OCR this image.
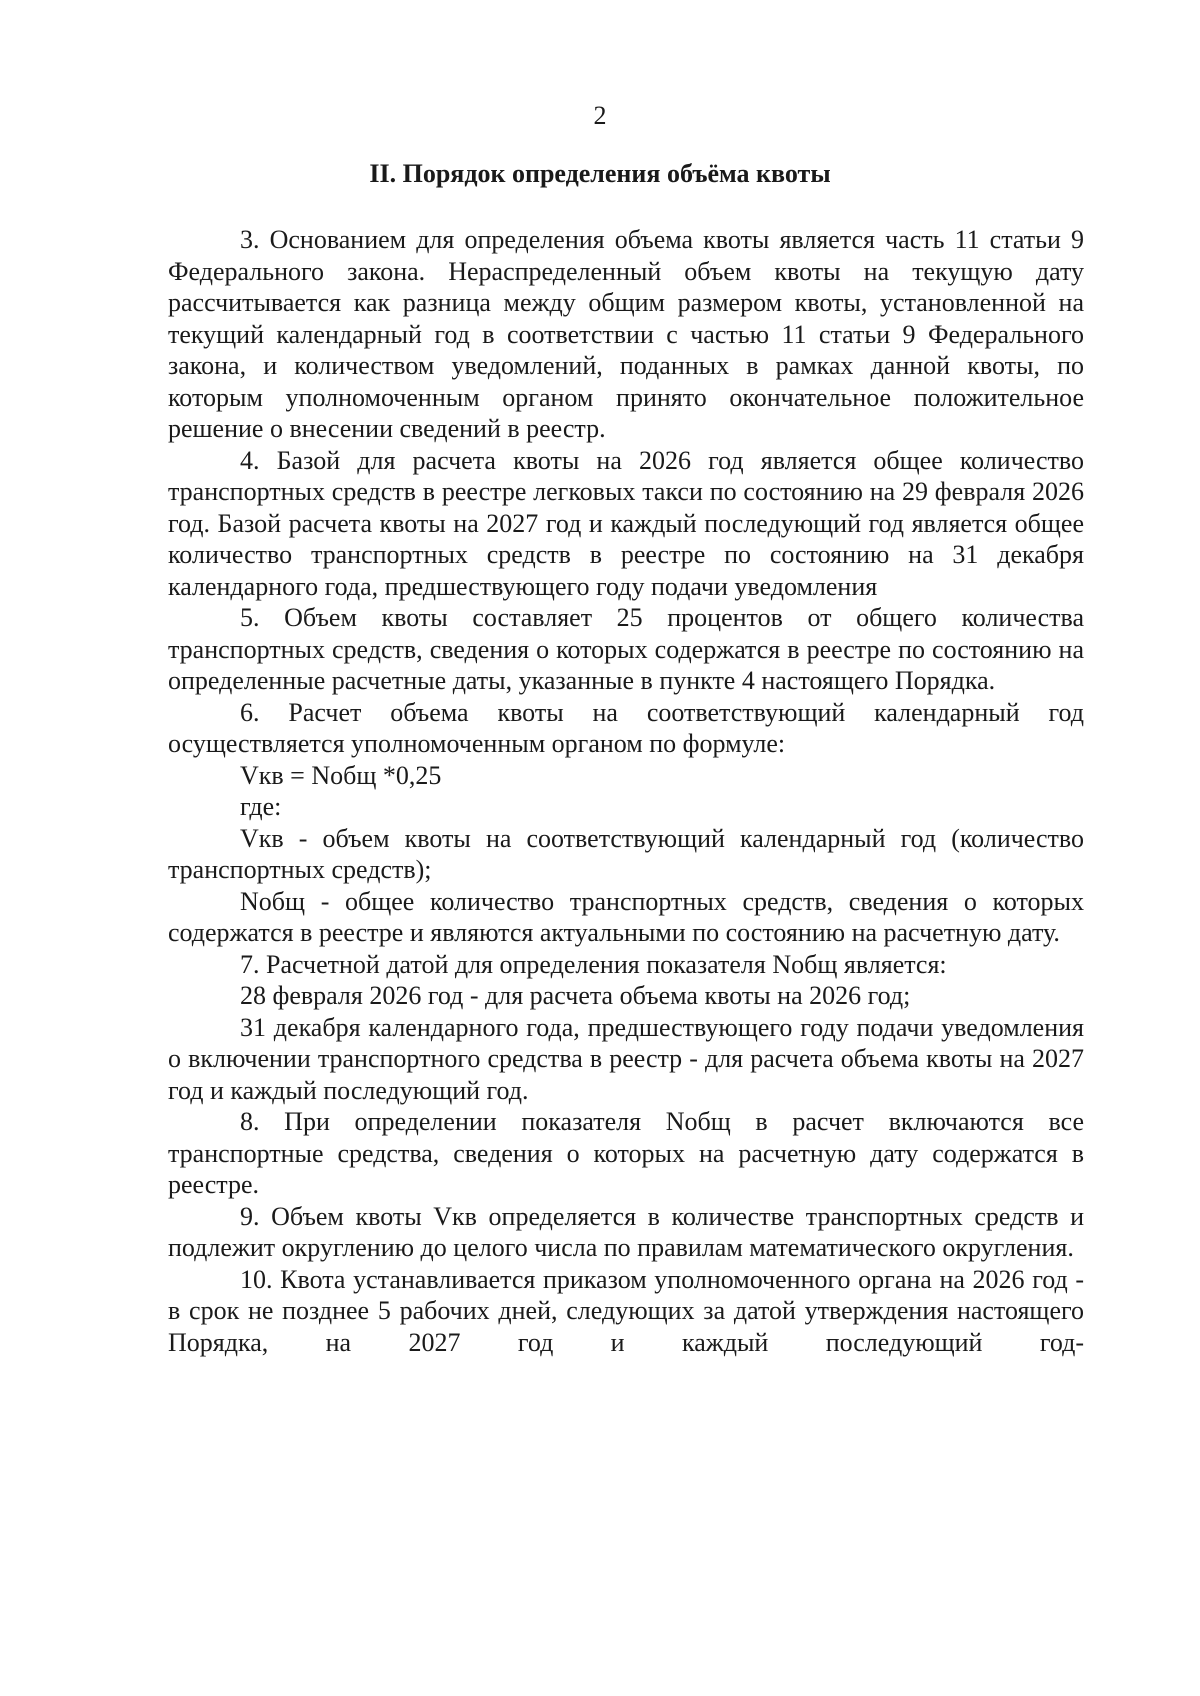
2
II. Порядок определения объёма квоты

3. Основанием для определения объема квоты является часть 11 статьи 9 Федерального закона. Нераспределенный объем квоты на текущую дату рассчитывается как разница между общим размером квоты, установленной на текущий календарный год в соответствии с частью 11 статьи 9 Федерального закона, и количеством уведомлений, поданных в рамках данной квоты, по которым уполномоченным органом принято окончательное положительное решение о внесении сведений в реестр.

4. Базой для расчета квоты на 2026 год является общее количество транспортных средств в реестре легковых такси по состоянию на 29 февраля 2026 год. Базой расчета квоты на 2027 год и каждый последующий год является общее количество транспортных средств в реестре по состоянию на 31 декабря календарного года, предшествующего году подачи уведомления

5. Объем квоты составляет 25 процентов от общего количества транспортных средств, сведения о которых содержатся в реестре по состоянию на определенные расчетные даты, указанные в пункте 4 настоящего Порядка.

6. Расчет объема квоты на соответствующий календарный год осуществляется уполномоченным органом по формуле:

Vкв = Nобщ *0,25

где:

Vкв - объем квоты на соответствующий календарный год (количество транспортных средств);

Nобщ - общее количество транспортных средств, сведения о которых содержатся в реестре и являются актуальными по состоянию на расчетную дату.

7. Расчетной датой для определения показателя Nобщ является:

28 февраля 2026 год - для расчета объема квоты на 2026 год;

31 декабря календарного года, предшествующего году подачи уведомления о включении транспортного средства в реестр - для расчета объема квоты на 2027 год и каждый последующий год.

8. При определении показателя Nобщ в расчет включаются все транспортные средства, сведения о которых на расчетную дату содержатся в реестре.

9. Объем квоты Vкв определяется в количестве транспортных средств и подлежит округлению до целого числа по правилам математического округления.

10. Квота устанавливается приказом уполномоченного органа на 2026 год - в срок не позднее 5 рабочих дней, следующих за датой утверждения настоящего Порядка, на 2027 год и каждый последующий год-
